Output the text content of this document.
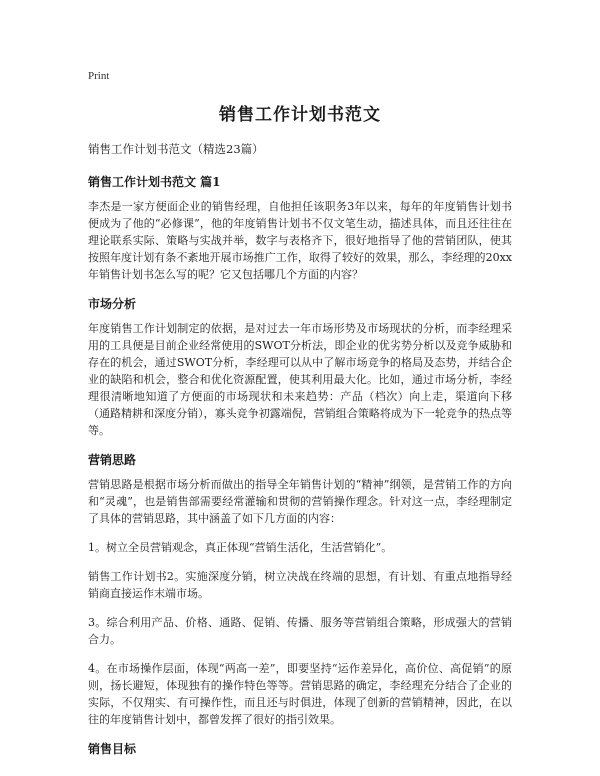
Print
销售工作计划书范文
销售工作计划书范文（精选23篇）
销售工作计划书范文 篇1

李杰是一家方便面企业的销售经理，自他担任该职务3年以来，每年的年度销售计划书便成为了他的“必修课”，他的年度销售计划书不仅文笔生动，描述具体，而且还往往在理论联系实际、策略与实战并举，数字与表格齐下，很好地指导了他的营销团队，使其按照年度计划有条不紊地开展市场推广工作，取得了较好的效果，那么，李经理的20xx年销售计划书怎么写的呢？它又包括哪几个方面的内容？

市场分析

年度销售工作计划制定的依据，是对过去一年市场形势及市场现状的分析，而李经理采用的工具便是目前企业经常使用的SWOT分析法，即企业的优劣势分析以及竞争威胁和存在的机会，通过SWOT分析，李经理可以从中了解市场竞争的格局及态势，并结合企业的缺陷和机会，整合和优化资源配置，使其利用最大化。比如，通过市场分析，李经理很清晰地知道了方便面的市场现状和未来趋势：产品（档次）向上走，渠道向下移（通路精耕和深度分销），寡头竞争初露端倪，营销组合策略将成为下一轮竞争的热点等等。

营销思路

营销思路是根据市场分析而做出的指导全年销售计划的“精神”纲领，是营销工作的方向和“灵魂”，也是销售部需要经常灌输和贯彻的营销操作理念。针对这一点，李经理制定了具体的营销思路，其中涵盖了如下几方面的内容：

1。树立全员营销观念，真正体现“营销生活化，生活营销化”。

销售工作计划书2。实施深度分销，树立决战在终端的思想，有计划、有重点地指导经销商直接运作末端市场。

3。综合利用产品、价格、通路、促销、传播、服务等营销组合策略，形成强大的营销合力。

4。在市场操作层面，体现“两高一差”，即要坚持“运作差异化，高价位、高促销”的原则，扬长避短，体现独有的操作特色等等。营销思路的确定，李经理充分结合了企业的实际，不仅翔实、有可操作性，而且还与时俱进，体现了创新的营销精神，因此，在以往的年度销售计划中，都曾发挥了很好的指引效果。

销售目标
